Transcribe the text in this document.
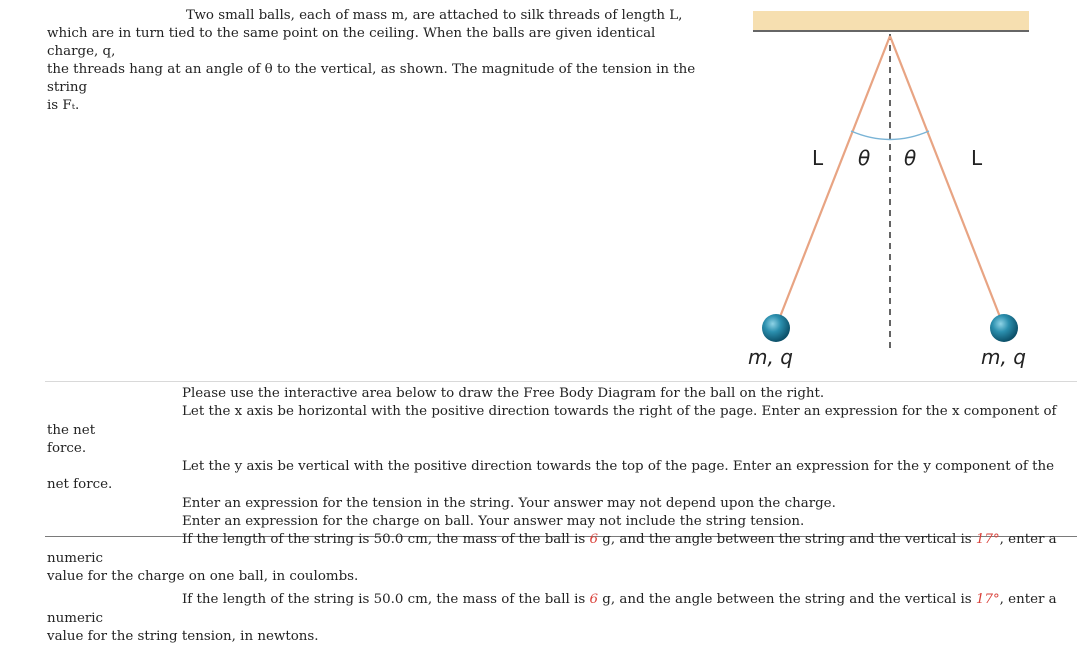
Two small balls, each of mass m, are attached to silk threads of length L,
which are in turn tied to the same point on the ceiling. When the balls are given identical charge, q,
the threads hang at an angle of θ to the vertical, as shown. The magnitude of the tension in the string
is Fₜ.
L θ θ	L
m, q	m, q

Please use the interactive area below to draw the Free Body Diagram for the ball on the right.

Let the x axis be horizontal with the positive direction towards the right of the page. Enter an expression for the x component of the net
force.

Let the y axis be vertical with the positive direction towards the top of the page. Enter an expression for the y component of the net force.

Enter an expression for the tension in the string. Your answer may not depend upon the charge.

Enter an expression for the charge on ball. Your answer may not include the string tension.

If the length of the string is 50.0 cm, the mass of the ball is 6 g, and the angle between the string and the vertical is 17°, enter a numeric
value for the charge on one ball, in coulombs.

If the length of the string is 50.0 cm, the mass of the ball is 6 g, and the angle between the string and the vertical is 17°, enter a numeric
value for the string tension, in newtons.
